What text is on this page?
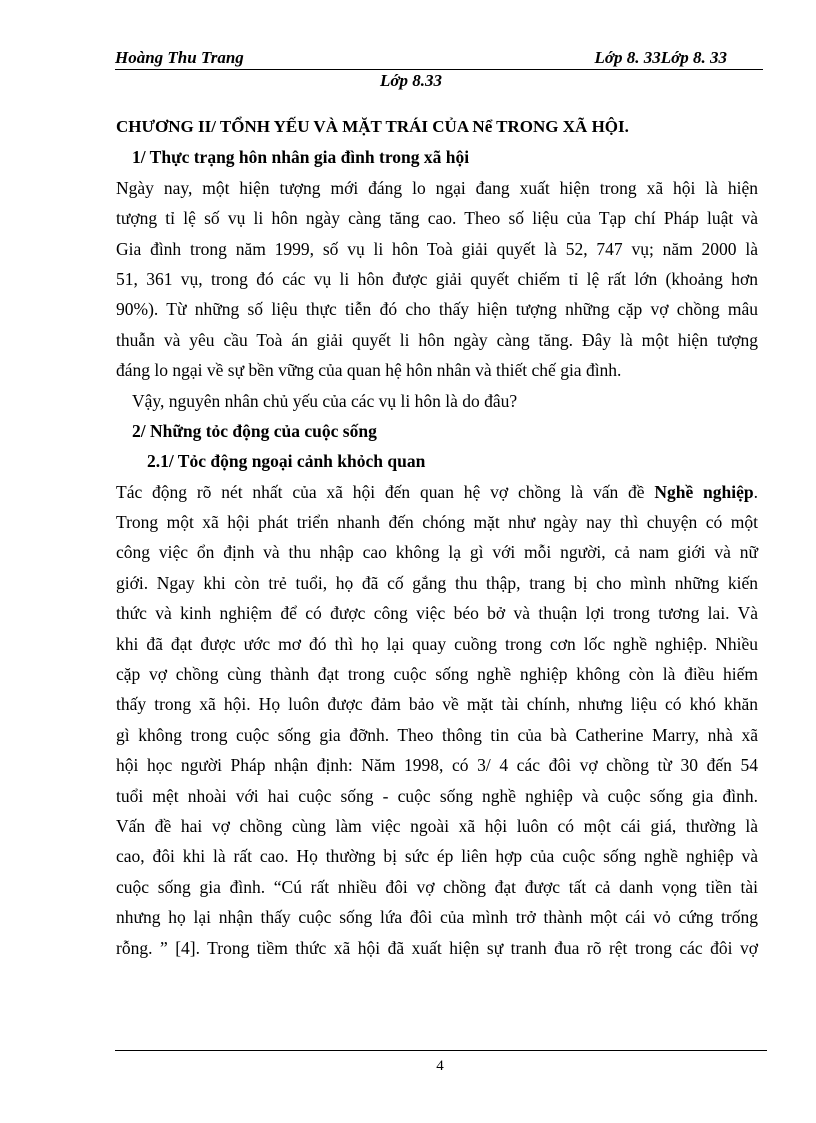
Hoàng Thu Trang	Lớp 8. 33Lớp 8. 33
Lớp 8.33
CHƯƠNG II/ TỔNH YẾU VÀ MẶT TRÁI CỦA Nể TRONG XÃ HỘI.
1/ Thực trạng hôn nhân gia đình trong xã hội
Ngày nay, một hiện tượng mới đáng lo ngại đang xuất hiện trong xã hội là hiện
tượng tỉ lệ số vụ li hôn ngày càng tăng cao. Theo số liệu của Tạp chí Pháp luật và
Gia đình trong năm 1999, số vụ li hôn Toà giải quyết là 52, 747 vụ; năm 2000 là
51, 361 vụ, trong đó các vụ li hôn được giải quyết chiếm tỉ lệ rất lớn (khoảng hơn
90%). Từ những số liệu thực tiễn đó cho thấy hiện tượng những cặp vợ chồng mâu
thuẫn và yêu cầu Toà án giải quyết li hôn ngày càng tăng. Đây là một hiện tượng
đáng lo ngại về sự bền vững của quan hệ hôn nhân và thiết chế gia đình.
Vậy, nguyên nhân chủ yếu của các vụ li hôn là do đâu?
2/ Những tỏc động của cuộc sống
2.1/ Tỏc động ngoại cảnh khỏch quan
Tác động rõ nét nhất của xã hội đến quan hệ vợ chồng là vấn đề Nghề nghiệp.
Trong một xã hội phát triển nhanh đến chóng mặt như ngày nay thì chuyện có một
công việc ổn định và thu nhập cao không lạ gì với mỗi người, cả nam giới và nữ
giới. Ngay khi còn trẻ tuổi, họ đã cố gắng thu thập, trang bị cho mình những kiến
thức và kinh nghiệm để có được công việc béo bở và thuận lợi trong tương lai. Và
khi đã đạt được ước mơ đó thì họ lại quay cuồng trong cơn lốc nghề nghiệp. Nhiều
cặp vợ chồng cùng thành đạt trong cuộc sống nghề nghiệp không còn là điều hiếm
thấy trong xã hội. Họ luôn được đảm bảo về mặt tài chính, nhưng liệu có khó khăn
gì không trong cuộc sống gia đỡnh. Theo thông tin của bà Catherine Marry, nhà xã
hội học người Pháp nhận định: Năm 1998, có 3/ 4 các đôi vợ chồng từ 30 đến 54
tuổi mệt nhoài với hai cuộc sống - cuộc sống nghề nghiệp và cuộc sống gia đình.
Vấn đề hai vợ chồng cùng làm việc ngoài xã hội luôn có một cái giá, thường là
cao, đôi khi là rất cao. Họ thường bị sức ép liên hợp của cuộc sống nghề nghiệp và
cuộc sống gia đình. “Cú rất nhiều đôi vợ chồng đạt được tất cả danh vọng tiền tài
nhưng họ lại nhận thấy cuộc sống lứa đôi của mình trở thành một cái vỏ cứng trống
rỗng. ” [4]. Trong tiềm thức xã hội đã xuất hiện sự tranh đua rõ rệt trong các đôi vợ
4
